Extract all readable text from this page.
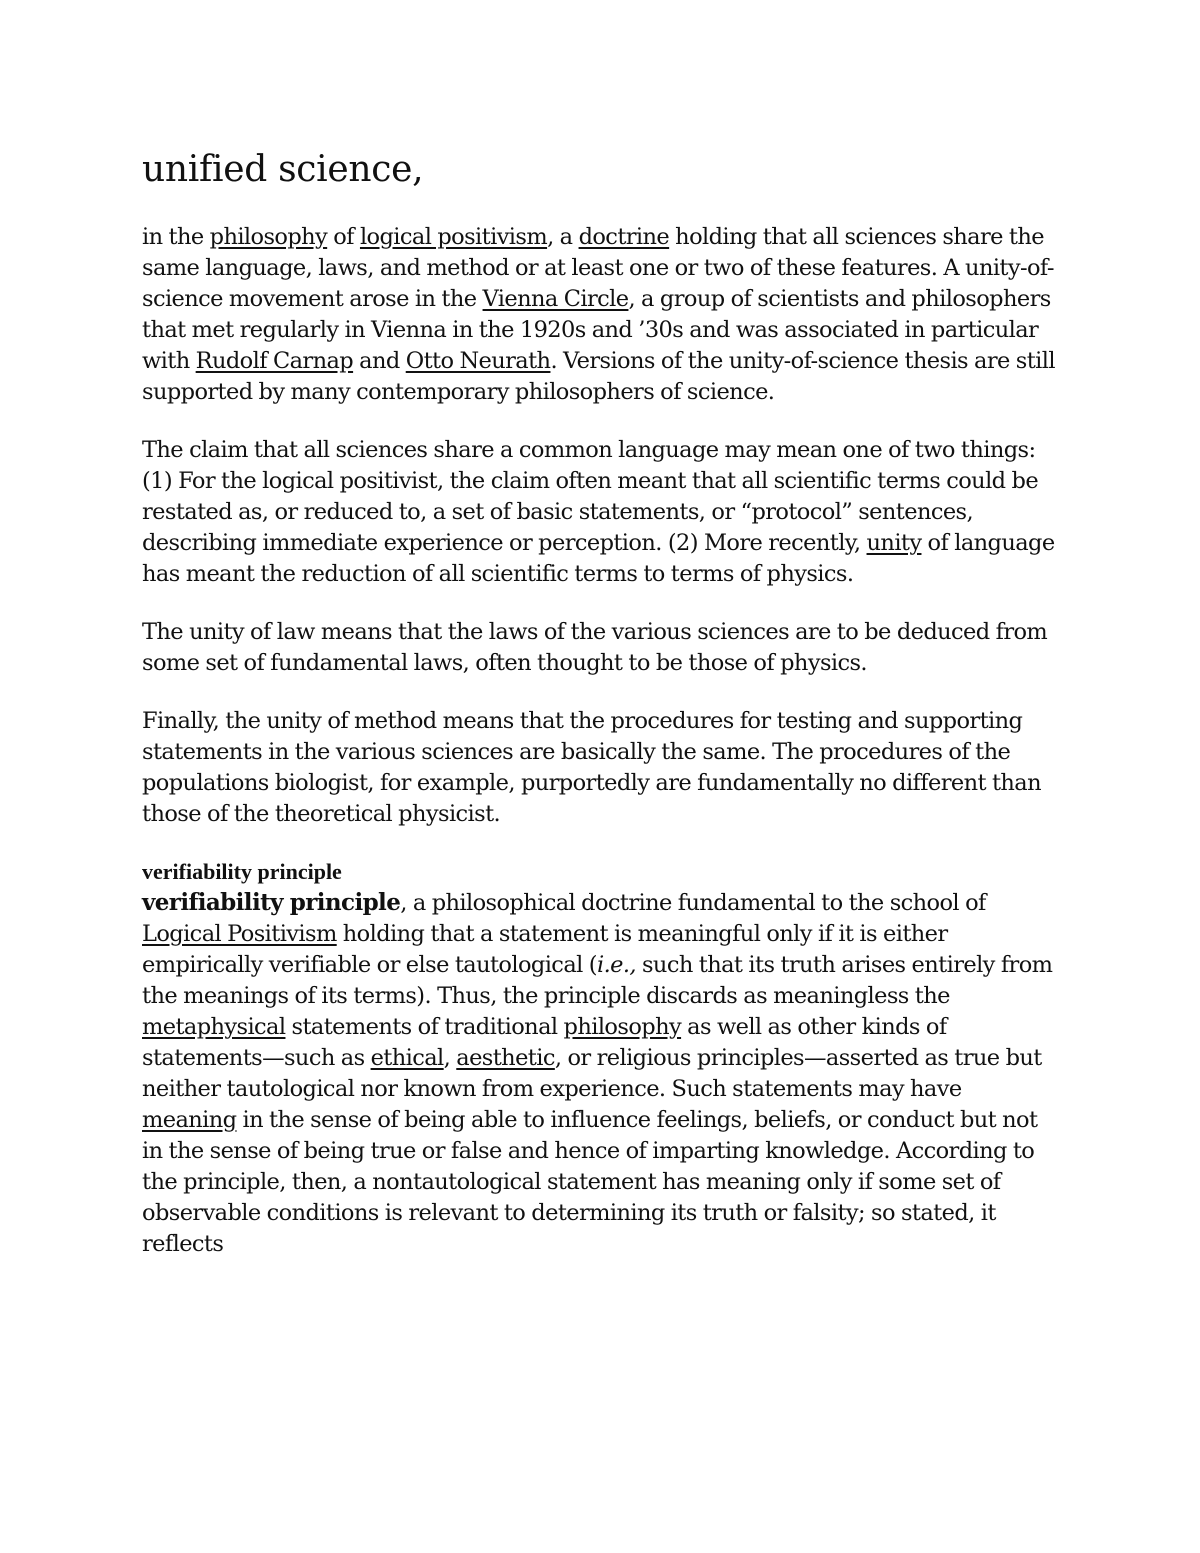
unified science,

in the philosophy of logical positivism, a doctrine holding that all sciences share the same language, laws, and method or at least one or two of these features. A unity-of-science movement arose in the Vienna Circle, a group of scientists and philosophers that met regularly in Vienna in the 1920s and ’30s and was associated in particular with Rudolf Carnap and Otto Neurath. Versions of the unity-of-science thesis are still supported by many contemporary philosophers of science.

The claim that all sciences share a common language may mean one of two things: (1) For the logical positivist, the claim often meant that all scientific terms could be restated as, or reduced to, a set of basic statements, or “protocol” sentences, describing immediate experience or perception. (2) More recently, unity of language has meant the reduction of all scientific terms to terms of physics.

The unity of law means that the laws of the various sciences are to be deduced from some set of fundamental laws, often thought to be those of physics.

Finally, the unity of method means that the procedures for testing and supporting statements in the various sciences are basically the same. The procedures of the populations biologist, for example, purportedly are fundamentally no different than those of the theoretical physicist.

verifiability principle

verifiability principle, a philosophical doctrine fundamental to the school of Logical Positivism holding that a statement is meaningful only if it is either empirically verifiable or else tautological (i.e., such that its truth arises entirely from the meanings of its terms). Thus, the principle discards as meaningless the metaphysical statements of traditional philosophy as well as other kinds of statements—such as ethical, aesthetic, or religious principles—asserted as true but neither tautological nor known from experience. Such statements may have meaning in the sense of being able to influence feelings, beliefs, or conduct but not in the sense of being true or false and hence of imparting knowledge. According to the principle, then, a nontautological statement has meaning only if some set of observable conditions is relevant to determining its truth or falsity; so stated, it reflects
